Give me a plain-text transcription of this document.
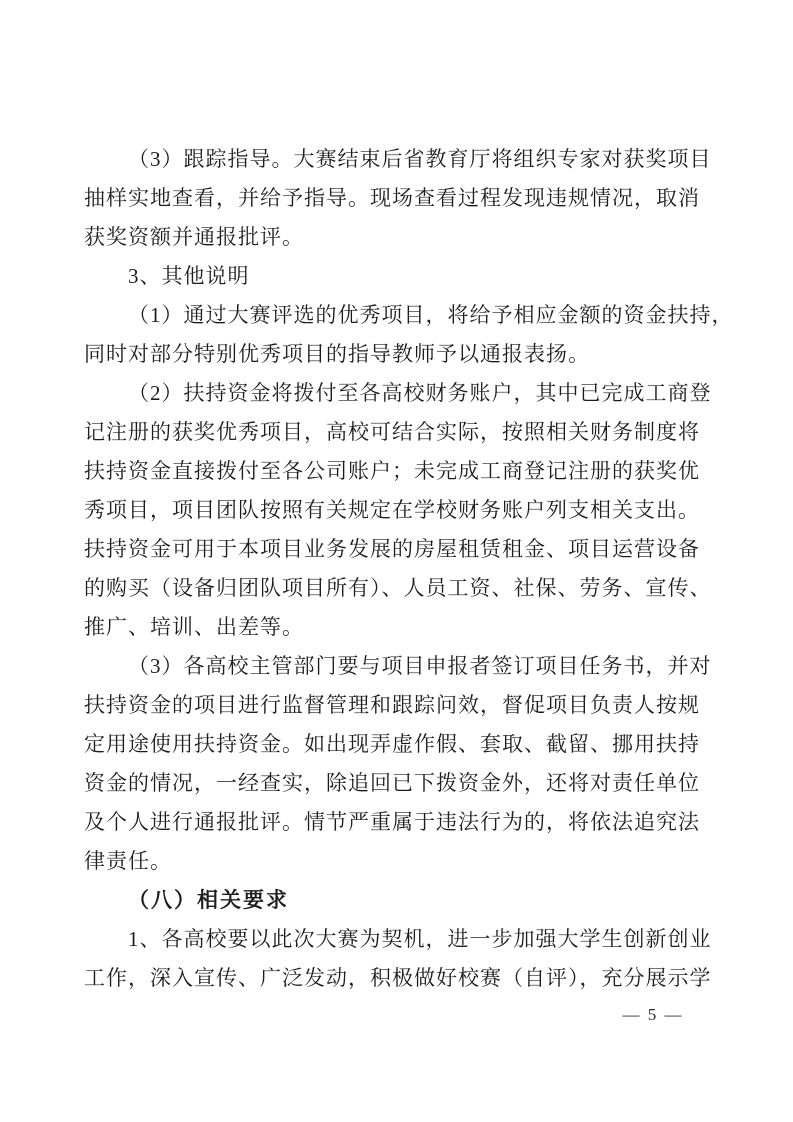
（3）跟踪指导。大赛结束后省教育厅将组织专家对获奖项目
抽样实地查看，并给予指导。现场查看过程发现违规情况，取消
获奖资额并通报批评。
3、其他说明
（1）通过大赛评选的优秀项目，将给予相应金额的资金扶持，
同时对部分特别优秀项目的指导教师予以通报表扬。
（2）扶持资金将拨付至各高校财务账户，其中已完成工商登
记注册的获奖优秀项目，高校可结合实际，按照相关财务制度将
扶持资金直接拨付至各公司账户；未完成工商登记注册的获奖优
秀项目，项目团队按照有关规定在学校财务账户列支相关支出。
扶持资金可用于本项目业务发展的房屋租赁租金、项目运营设备
的购买（设备归团队项目所有）、人员工资、社保、劳务、宣传、
推广、培训、出差等。
（3）各高校主管部门要与项目申报者签订项目任务书，并对
扶持资金的项目进行监督管理和跟踪问效，督促项目负责人按规
定用途使用扶持资金。如出现弄虚作假、套取、截留、挪用扶持
资金的情况，一经查实，除追回已下拨资金外，还将对责任单位
及个人进行通报批评。情节严重属于违法行为的，将依法追究法
律责任。
（八）相关要求
1、各高校要以此次大赛为契机，进一步加强大学生创新创业
工作，深入宣传、广泛发动，积极做好校赛（自评），充分展示学
— 5 —
